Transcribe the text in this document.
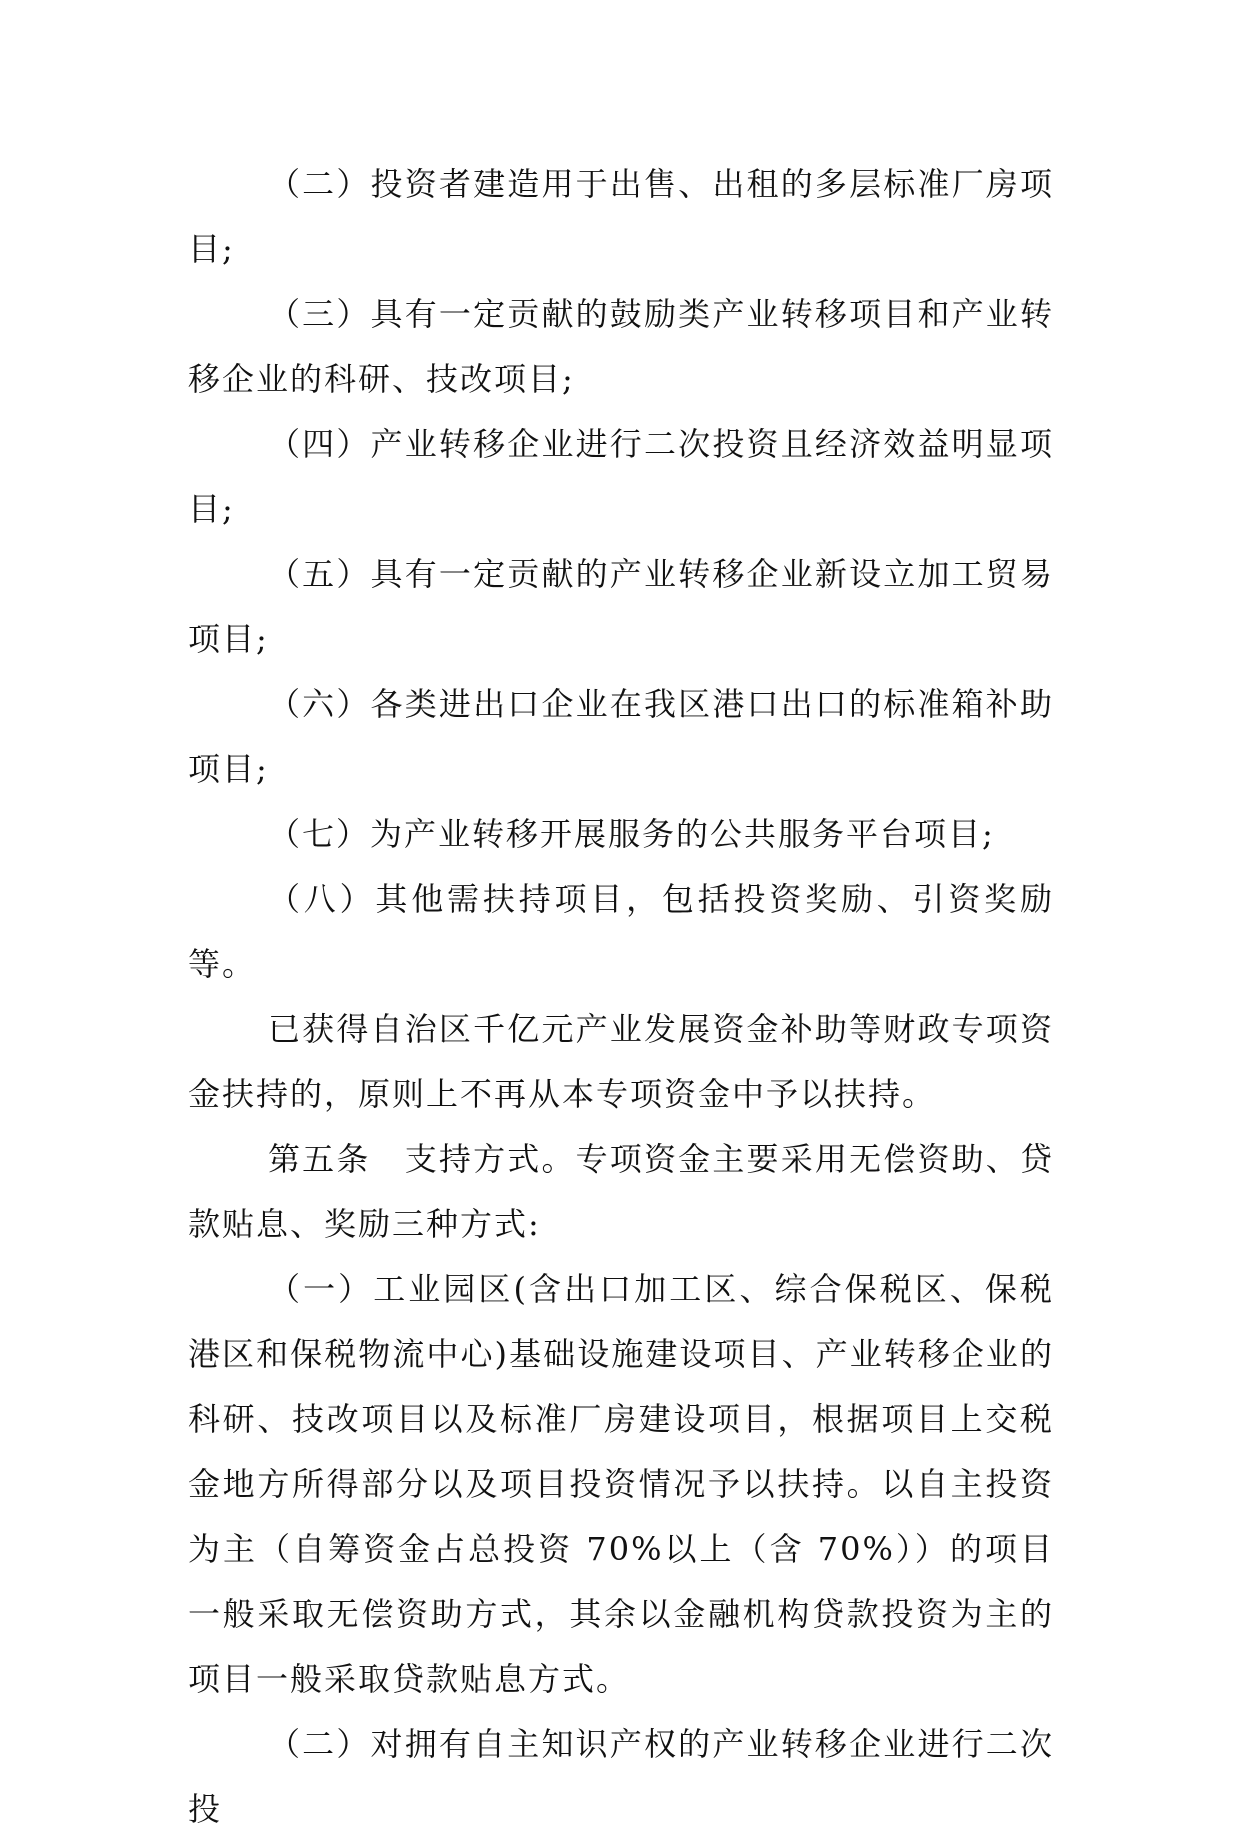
（二）投资者建造用于出售、出租的多层标准厂房项目;

（三）具有一定贡献的鼓励类产业转移项目和产业转移企业的科研、技改项目;

（四）产业转移企业进行二次投资且经济效益明显项目;

（五）具有一定贡献的产业转移企业新设立加工贸易项目;

（六）各类进出口企业在我区港口出口的标准箱补助项目;

（七）为产业转移开展服务的公共服务平台项目;

（八）其他需扶持项目，包括投资奖励、引资奖励等。

已获得自治区千亿元产业发展资金补助等财政专项资金扶持的，原则上不再从本专项资金中予以扶持。

第五条　支持方式。专项资金主要采用无偿资助、贷款贴息、奖励三种方式:

（一）工业园区(含出口加工区、综合保税区、保税港区和保税物流中心)基础设施建设项目、产业转移企业的科研、技改项目以及标准厂房建设项目，根据项目上交税金地方所得部分以及项目投资情况予以扶持。以自主投资为主（自筹资金占总投资 70%以上（含 70%））的项目一般采取无偿资助方式，其余以金融机构贷款投资为主的项目一般采取贷款贴息方式。

（二）对拥有自主知识产权的产业转移企业进行二次投
